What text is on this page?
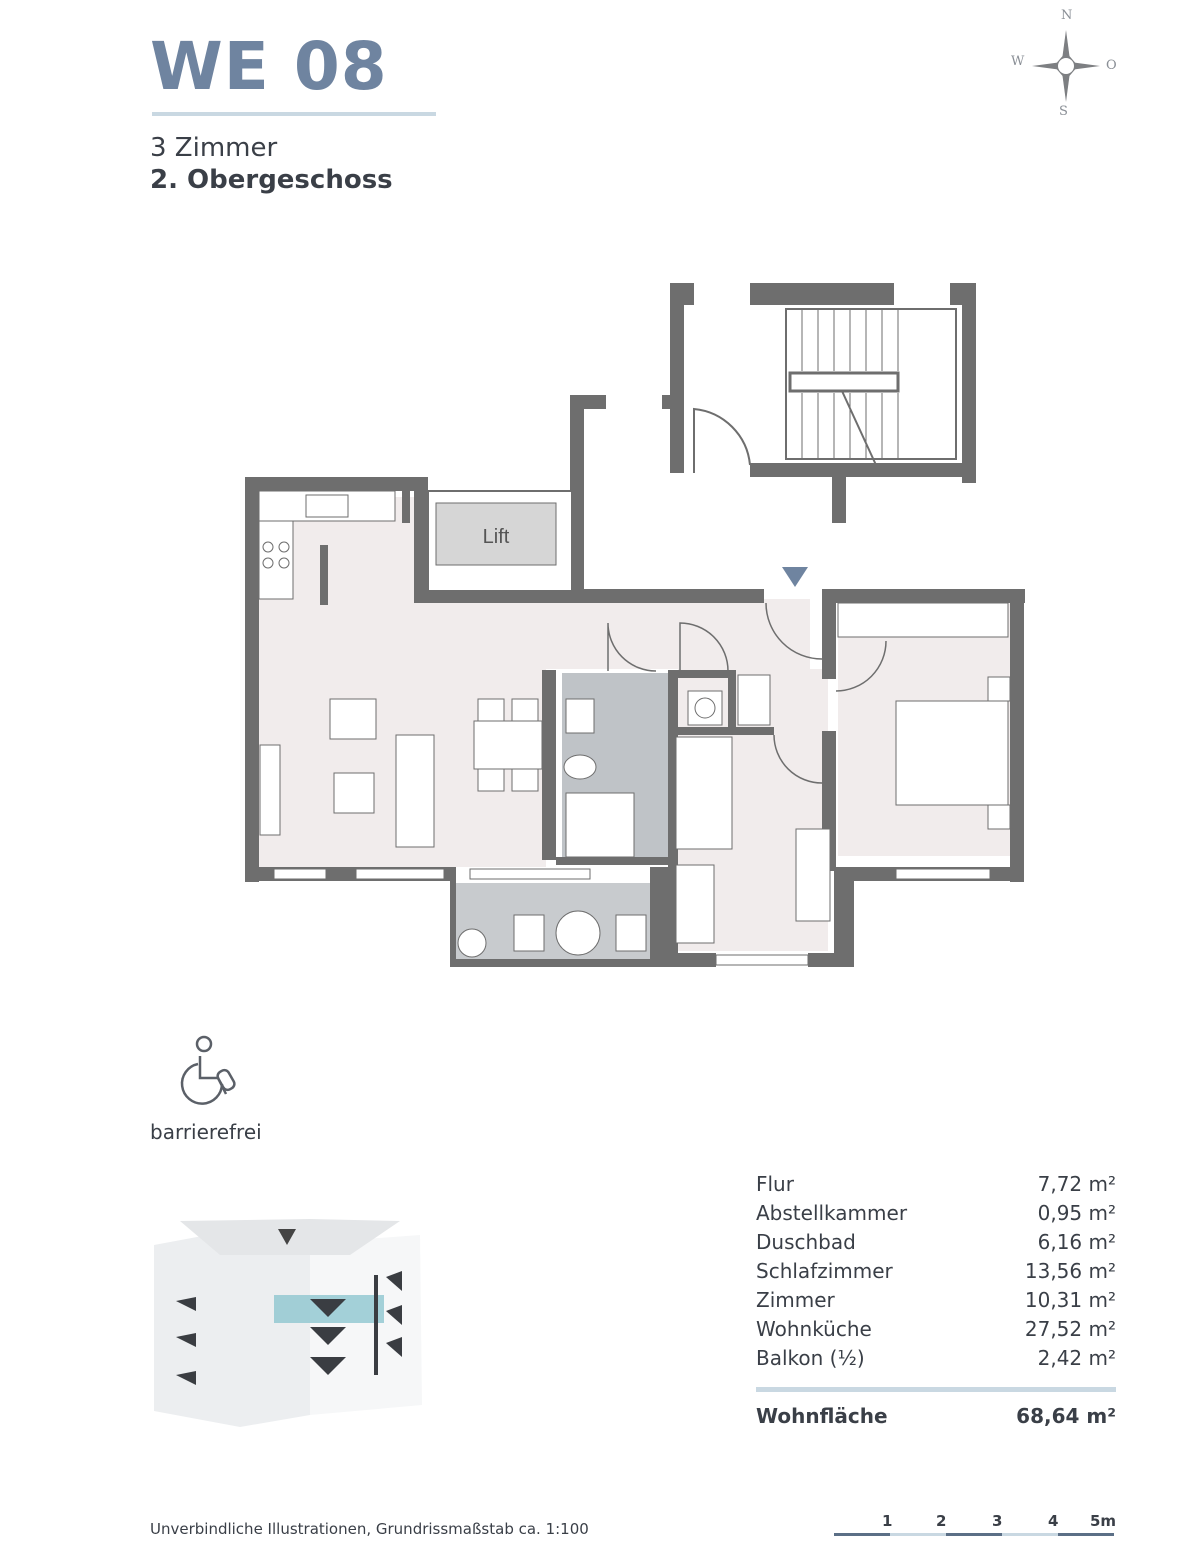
WE 08
3 Zimmer
2. Obergeschoss
N
W	O
S
Lift
barrierefrei
Flur	7,72 m²
Abstellkammer	0,95 m²
Duschbad	6,16 m²
Schlafzimmer	13,56 m²
Zimmer	10,31 m²
Wohnküche	27,52 m²
Balkon (½)	2,42 m²
Wohnfläche	68,64 m²
Unverbindliche Illustrationen, Grundrissmaßstab ca. 1:100	1	2	3	4 5m
